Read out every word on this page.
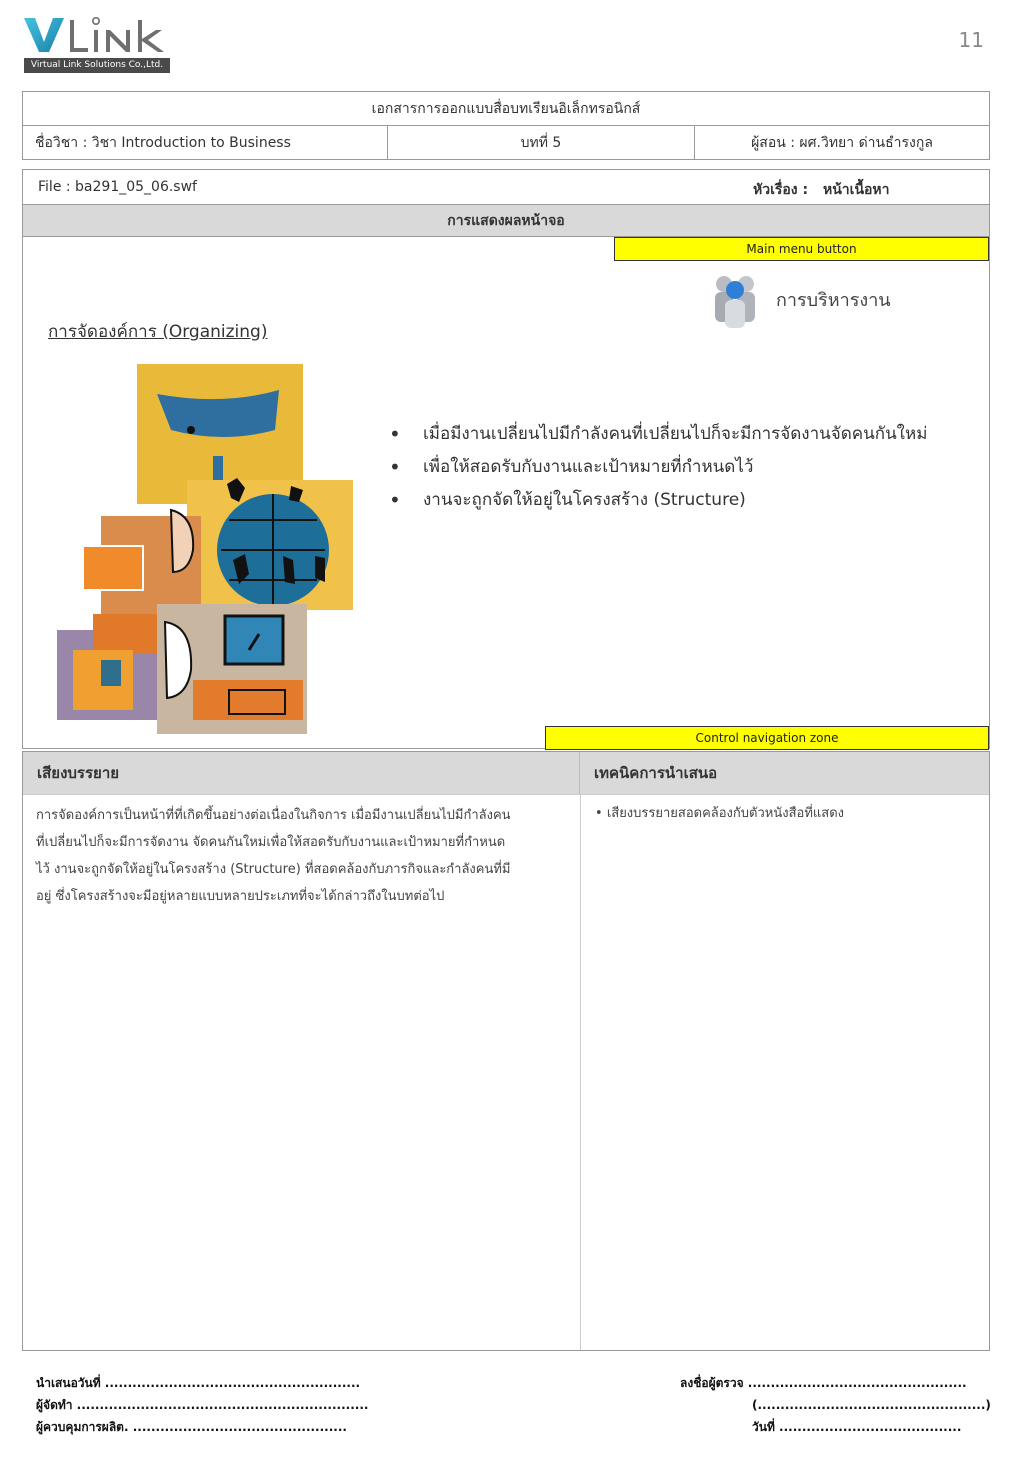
Virtual Link Solutions Co.,Ltd.
11
เอกสารการออกแบบสื่อบทเรียนอิเล็กทรอนิกส์
ชื่อวิชา : วิชา Introduction to Business	บทที่ 5	ผู้สอน : ผศ.วิทยา ด่านธำรงกูล
File : ba291_05_06.swf	หัวเรื่อง : หน้าเนื้อหา
การแสดงผลหน้าจอ
Main menu button
การบริหารงาน
การจัดองค์การ (Organizing)
• เมื่อมีงานเปลี่ยนไปมีกำลังคนที่เปลี่ยนไปก็จะมีการจัดงานจัดคนกันใหม่
• เพื่อให้สอดรับกับงานและเป้าหมายที่กำหนดไว้
• งานจะถูกจัดให้อยู่ในโครงสร้าง (Structure)
Control navigation zone
เสียงบรรยาย	เทคนิคการนำเสนอ
การจัดองค์การเป็นหน้าที่ที่เกิดขึ้นอย่างต่อเนื่องในกิจการ เมื่อมีงานเปลี่ยนไปมีกำลังคน
ที่เปลี่ยนไปก็จะมีการจัดงาน จัดคนกันใหม่เพื่อให้สอดรับกับงานและเป้าหมายที่กำหนด
ไว้ งานจะถูกจัดให้อยู่ในโครงสร้าง (Structure) ที่สอดคล้องกับภารกิจและกำลังคนที่มี
อยู่ ซึ่งโครงสร้างจะมีอยู่หลายแบบหลายประเภทที่จะได้กล่าวถึงในบทต่อไป
• เสียงบรรยายสอดคล้องกับตัวหนังสือที่แสดง
นำเสนอวันที่ ........................................................
ผู้จัดทำ ................................................................
ผู้ควบคุมการผลิต. ...............................................
ลงชื่อผู้ตรวจ ................................................
(..................................................)
วันที่ ........................................
